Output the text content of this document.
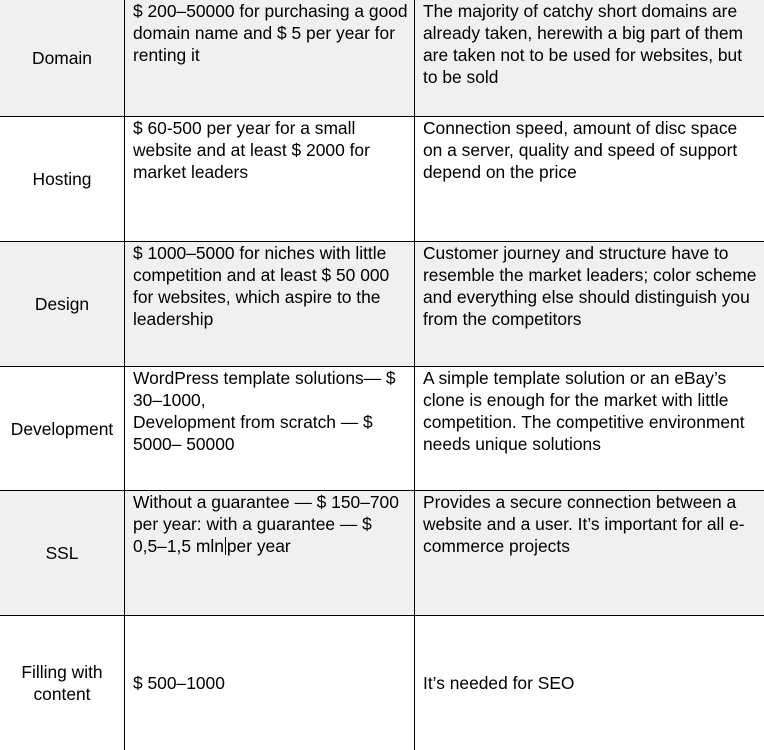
Domain
$ 200–50000 for purchasing a good domain name and $ 5 per year for renting it
The majority of catchy short domains are already taken, herewith a big part of them are taken not to be used for websites, but to be sold
Hosting
$ 60-500 per year for a small website and at least $ 2000 for market leaders
Connection speed, amount of disc space on a server, quality and speed of support depend on the price
Design
$ 1000–5000 for niches with little competition and at least $ 50 000 for websites, which aspire to the leadership
Customer journey and structure have to resemble the market leaders; color scheme and everything else should distinguish you from the competitors
Development
WordPress template solutions— $ 30–1000,
Development from scratch — $ 5000– 50000
A simple template solution or an eBay’s clone is enough for the market with little competition. The competitive environment needs unique solutions
SSL
Without a guarantee — $ 150–700 per year: with a guarantee — $ 0,5–1,5 mln per year
Provides a secure connection between a website and a user. It’s important for all e-commerce projects
Filling with
content
$ 500–1000	It’s needed for SEO
